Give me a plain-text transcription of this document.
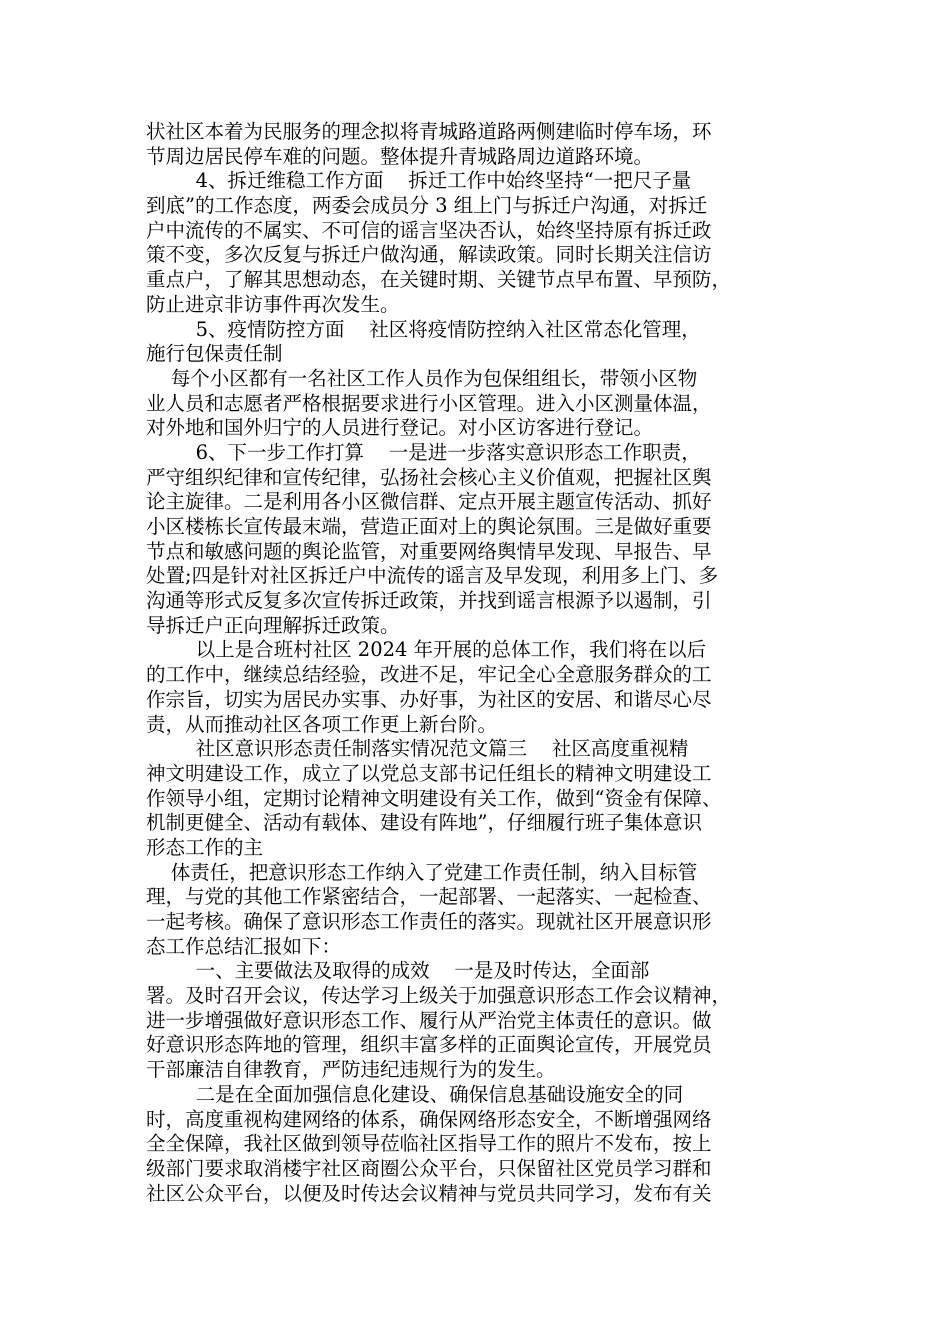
状社区本着为民服务的理念拟将青城路道路两侧建临时停车场，环
节周边居民停车难的问题。整体提升青城路周边道路环境。
4、拆迁维稳工作方面    拆迁工作中始终坚持“一把尺子量
到底”的工作态度，两委会成员分 3 组上门与拆迁户沟通，对拆迁
户中流传的不属实、不可信的谣言坚决否认，始终坚持原有拆迁政
策不变，多次反复与拆迁户做沟通，解读政策。同时长期关注信访
重点户，了解其思想动态，在关键时期、关键节点早布置、早预防，
防止进京非访事件再次发生。
5、疫情防控方面    社区将疫情防控纳入社区常态化管理，
施行包保责任制
每个小区都有一名社区工作人员作为包保组组长，带领小区物
业人员和志愿者严格根据要求进行小区管理。进入小区测量体温，
对外地和国外归宁的人员进行登记。对小区访客进行登记。
6、下一步工作打算    一是进一步落实意识形态工作职责，
严守组织纪律和宣传纪律，弘扬社会核心主义价值观，把握社区舆
论主旋律。二是利用各小区微信群、定点开展主题宣传活动、抓好
小区楼栋长宣传最末端，营造正面对上的舆论氛围。三是做好重要
节点和敏感问题的舆论监管，对重要网络舆情早发现、早报告、早
处置;四是针对社区拆迁户中流传的谣言及早发现，利用多上门、多
沟通等形式反复多次宣传拆迁政策，并找到谣言根源予以遏制，引
导拆迁户正向理解拆迁政策。
以上是合班村社区 2024 年开展的总体工作，我们将在以后
的工作中，继续总结经验，改进不足，牢记全心全意服务群众的工
作宗旨，切实为居民办实事、办好事，为社区的安居、和谐尽心尽
责，从而推动社区各项工作更上新台阶。
社区意识形态责任制落实情况范文篇三    社区高度重视精
神文明建设工作，成立了以党总支部书记任组长的精神文明建设工
作领导小组，定期讨论精神文明建设有关工作，做到“资金有保障、
机制更健全、活动有载体、建设有阵地”，仔细履行班子集体意识
形态工作的主
体责任，把意识形态工作纳入了党建工作责任制，纳入目标管
理，与党的其他工作紧密结合，一起部署、一起落实、一起检查、
一起考核。确保了意识形态工作责任的落实。现就社区开展意识形
态工作总结汇报如下：
一、主要做法及取得的成效    一是及时传达，全面部
署。及时召开会议，传达学习上级关于加强意识形态工作会议精神，
进一步增强做好意识形态工作、履行从严治党主体责任的意识。做
好意识形态阵地的管理，组织丰富多样的正面舆论宣传，开展党员
干部廉洁自律教育，严防违纪违规行为的发生。
二是在全面加强信息化建设、确保信息基础设施安全的同
时，高度重视构建网络的体系，确保网络形态安全，不断增强网络
全全保障，我社区做到领导莅临社区指导工作的照片不发布，按上
级部门要求取消楼宇社区商圈公众平台，只保留社区党员学习群和
社区公众平台，以便及时传达会议精神与党员共同学习，发布有关
